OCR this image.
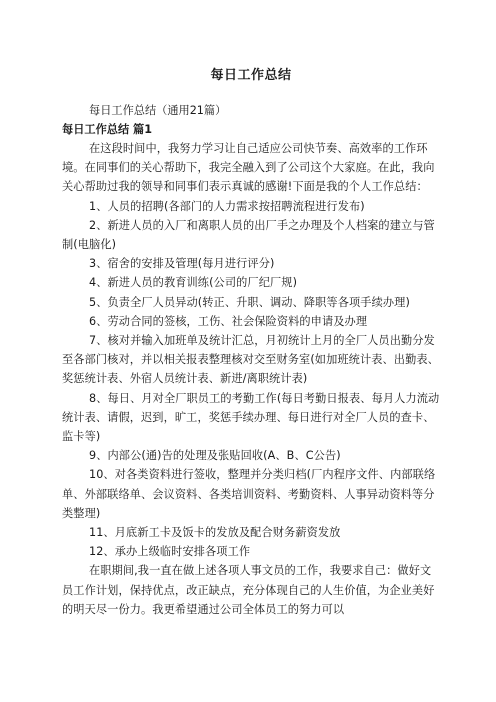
每日工作总结

每日工作总结（通用21篇）

每日工作总结 篇1

在这段时间中，我努力学习让自己适应公司快节奏、高效率的工作环境。在同事们的关心帮助下，我完全融入到了公司这个大家庭。在此，我向关心帮助过我的领导和同事们表示真诚的感谢!下面是我的个人工作总结：

1、人员的招聘(各部门的人力需求按招聘流程进行发布)

2、新进人员的入厂和离职人员的出厂手之办理及个人档案的建立与管制(电脑化)

3、宿舍的安排及管理(每月进行评分)

4、新进人员的教育训练(公司的厂纪厂规)

5、负责全厂人员异动(转正、升职、调动、降职等各项手续办理)

6、劳动合同的签核，工伤、社会保险资料的申请及办理

7、核对并输入加班单及统计汇总，月初统计上月的全厂人员出勤分发至各部门核对，并以相关报表整理核对交至财务室(如加班统计表、出勤表、奖惩统计表、外宿人员统计表、新进/离职统计表)

8、每日、月对全厂职员工的考勤工作(每日考勤日报表、每月人力流动统计表、请假，迟到，旷工，奖惩手续办理、每日进行对全厂人员的查卡、监卡等)

9、内部公(通)告的处理及张贴回收(A、B、C公告)

10、对各类资料进行签收，整理并分类归档(厂内程序文件、内部联络单、外部联络单、会议资料、各类培训资料、考勤资料、人事异动资料等分类整理)

11、月底新工卡及饭卡的发放及配合财务薪资发放

12、承办上级临时安排各项工作

在职期间,我一直在做上述各项人事文员的工作，我要求自己：做好文员工作计划，保持优点，改正缺点，充分体现自己的人生价值，为企业美好的明天尽一份力。我更希望通过公司全体员工的努力可以
